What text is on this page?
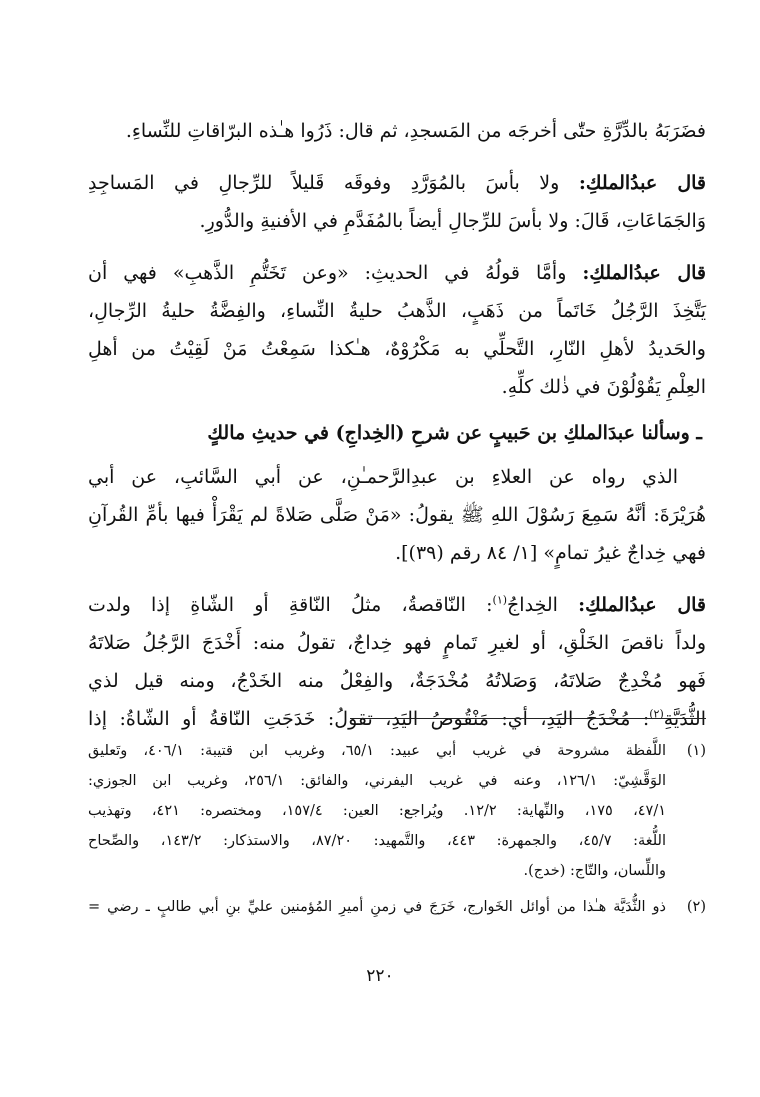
فضَرَبَهُ بالدِّرَّةِ حتّٰى أخرجَه من المَسجدِ، ثم قال: ذَرُوا هـٰذه البرّاقاتِ للنِّساءِ.

قال عبدُالملكِ: ولا بأسَ بالمُوَرَّدِ وفوقَه قَليلاً للرِّجالِ في المَساجِدِ
وَالجَمَاعَاتِ، قَالَ: ولا بأسَ للرِّجالِ أيضاً بالمُفَدَّمِ في الأفنيةِ والدُّورِ.

قال عبدُالملكِ: وأمَّا قولُهُ في الحديثِ: «وعن تَخَتُّمِ الذَّهبِ» فهي أن
يَتَّخِذَ الرَّجُلُ خَاتَماً من ذَهَبٍ، الذَّهبُ حليةُ النِّساءِ، والفِضَّةُ حليةُ الرِّجالِ،
والحَديدُ لأهلِ النّارِ، التَّحلِّي به مَكْرُوْهٌ، هـٰكذا سَمِعْتُ مَنْ لَقِيْتُ من أهلِ
العِلْمِ يَقُوْلُوْنَ في ذٰلك كلِّهِ.

ـ وسألنا عبدَالملكِ بن حَبيبٍ عن شرحِ (الخِداجِ) في حديثِ مالكٍ

الذي رواه عن العلاءِ بن عبدِالرَّحمـٰنِ، عن أبي السَّائبِ، عن أبي
هُرَيْرَةَ: أنَّهُ سَمِعَ رَسُوْلَ اللهِ ﷺ يقولُ: «مَنْ صَلَّى صَلاةً لم يَقْرَأْ فيها بأمِّ القُرآنِ
فهي خِداجٌ غيرُ تمامٍ» [١/ ٨٤ رقم (٣٩)].

قال عبدُالملكِ: الخِداجُ$^{(١)}$: النّاقصةُ، مثلُ النّاقةِ أو الشّاةِ إذا ولدت
ولداً ناقصَ الخَلْقِ، أو لغيرِ تَمامٍ فهو خِداجٌ، تقولُ منه: أَخْدَجَ الرَّجُلُ صَلاتَهُ
فَهو مُخْدِجٌ صَلاتَهُ، وَصَلاتُهُ مُخْدَجَةٌ، والفِعْلُ منه الخَدْجُ، ومنه قيل لذي
الثُّدَيَّةِ$^{(٢)}$: مُخْدَجُ اليَدِ، أي: مَنْقُوصُ اليَدِ، تقولُ: خَدَجَتِ النّاقةُ أو الشّاةُ: إذا

(١)
اللَّفظة مشروحة في غريب أبي عبيد: ٦٥/١، وغريب ابن قتيبة: ٤٠٦/١، وتَعليق
الوَقَّشِيّ: ١٢٦/١، وعنه في غريب اليفرني، والفائق: ٢٥٦/١، وغريب ابن الجوزي:
٤٧/١، ١٧٥، والنِّهاية: ١٢/٢. ويُراجع: العين: ١٥٧/٤، ومختصره: ٤٢١، وتهذيب
اللُّغة: ٤٥/٧، والجمهرة: ٤٤٣، والتَّمهيد: ٨٧/٢٠، والاستذكار: ١٤٣/٢، والصِّحاح
واللِّسان، والتّاج: (خدج).
(٢)
ذو الثُّدَيَّة هـٰذا من أوائل الخَوارج، خَرَجَ في زمنِ أميرِ المُؤمنين عليِّ بنِ أبي طالبٍ ـ رضي =
٢٢٠
